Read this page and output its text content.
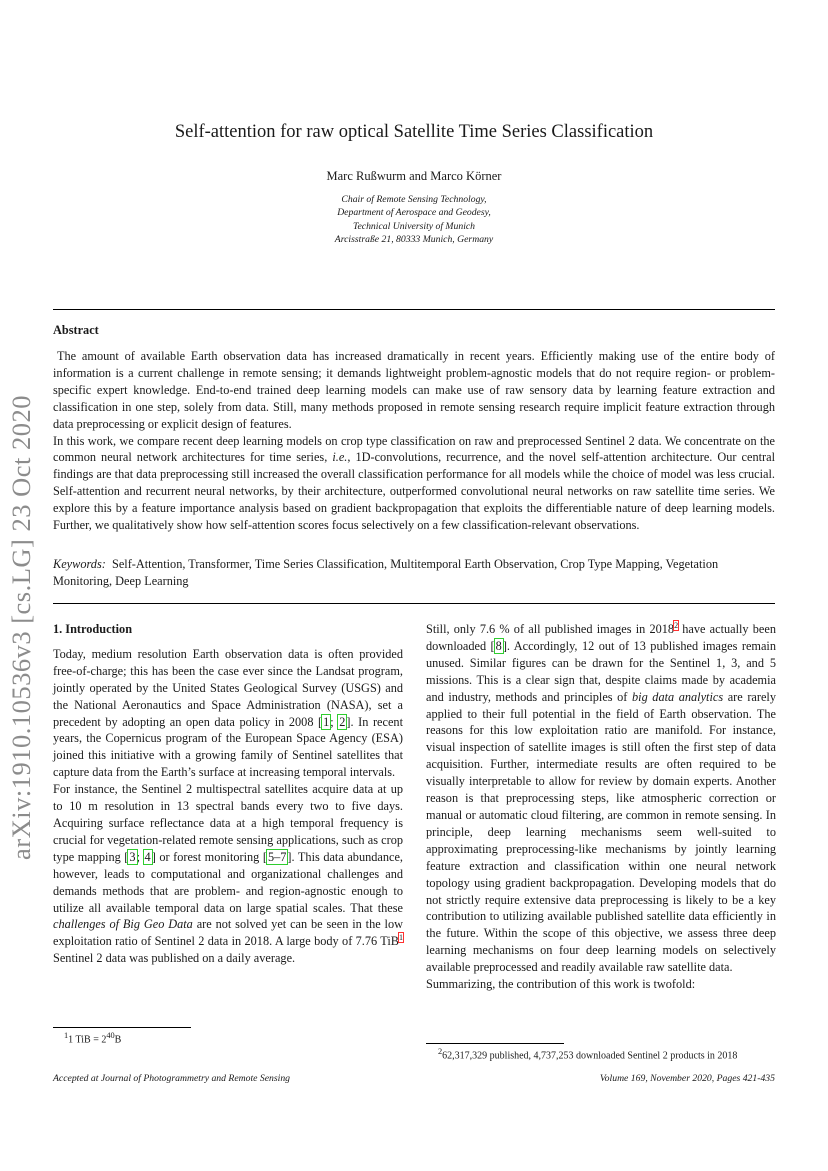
arXiv:1910.10536v3 [cs.LG] 23 Oct 2020
Self-attention for raw optical Satellite Time Series Classification
Marc Rußwurm and Marco Körner
Chair of Remote Sensing Technology,
Department of Aerospace and Geodesy,
Technical University of Munich
Arcisstraße 21, 80333 Munich, Germany
Abstract

The amount of available Earth observation data has increased dramatically in recent years. Efficiently making use of the entire body of information is a current challenge in remote sensing; it demands lightweight problem-agnostic models that do not require region- or problem-specific expert knowledge. End-to-end trained deep learning models can make use of raw sensory data by learning feature extraction and classification in one step, solely from data. Still, many methods proposed in remote sensing research require implicit feature extraction through data preprocessing or explicit design of features.

In this work, we compare recent deep learning models on crop type classification on raw and preprocessed Sentinel 2 data. We concentrate on the common neural network architectures for time series, i.e., 1D-convolutions, recurrence, and the novel self-attention architecture. Our central findings are that data preprocessing still increased the overall classification performance for all models while the choice of model was less crucial. Self-attention and recurrent neural networks, by their architecture, outperformed convolutional neural networks on raw satellite time series. We explore this by a feature importance analysis based on gradient backpropagation that exploits the differentiable nature of deep learning models. Further, we qualitatively show how self-attention scores focus selectively on a few classification-relevant observations.

Keywords: Self-Attention, Transformer, Time Series Classification, Multitemporal Earth Observation, Crop Type Mapping, Vegetation Monitoring, Deep Learning

1. Introduction

Today, medium resolution Earth observation data is often provided free-of-charge; this has been the case ever since the Landsat program, jointly operated by the United States Geological Survey (USGS) and the National Aeronautics and Space Administration (NASA), set a precedent by adopting an open data policy in 2008 [1; 2]. In recent years, the Copernicus program of the European Space Agency (ESA) joined this initiative with a growing family of Sentinel satellites that capture data from the Earth’s surface at increasing temporal intervals.

For instance, the Sentinel 2 multispectral satellites acquire data at up to 10 m resolution in 13 spectral bands every two to five days. Acquiring surface reflectance data at a high temporal frequency is crucial for vegetation-related remote sensing applications, such as crop type mapping [3; 4] or forest monitoring [5–7]. This data abundance, however, leads to computational and organizational challenges and demands methods that are problem- and region-agnostic enough to utilize all available temporal data on large spatial scales. That these challenges of Big Geo Data are not solved yet can be seen in the low exploitation ratio of Sentinel 2 data in 2018. A large body of 7.76 TiB$^1$ Sentinel 2 data was published on a daily average.

Still, only 7.6 % of all published images in 2018$^2$ have actually been downloaded [8]. Accordingly, 12 out of 13 published images remain unused. Similar figures can be drawn for the Sentinel 1, 3, and 5 missions. This is a clear sign that, despite claims made by academia and industry, methods and principles of big data analytics are rarely applied to their full potential in the field of Earth observation. The reasons for this low exploitation ratio are manifold. For instance, visual inspection of satellite images is still often the first step of data acquisition. Further, intermediate results are often required to be visually interpretable to allow for review by domain experts. Another reason is that preprocessing steps, like atmospheric correction or manual or automatic cloud filtering, are common in remote sensing. In principle, deep learning mechanisms seem well-suited to approximating preprocessing-like mechanisms by jointly learning feature extraction and classification within one neural network topology using gradient backpropagation. Developing models that do not strictly require extensive data preprocessing is likely to be a key contribution to utilizing available published satellite data efficiently in the future. Within the scope of this objective, we assess three deep learning mechanisms on four deep learning models on selectively available preprocessed and readily available raw satellite data.

Summarizing, the contribution of this work is twofold:

$^1$1 TiB = $2^{40}B$
$^2$62,317,329 published, 4,737,253 downloaded Sentinel 2 products in 2018
Accepted at Journal of Photogrammetry and Remote Sensing	Volume 169, November 2020, Pages 421-435
